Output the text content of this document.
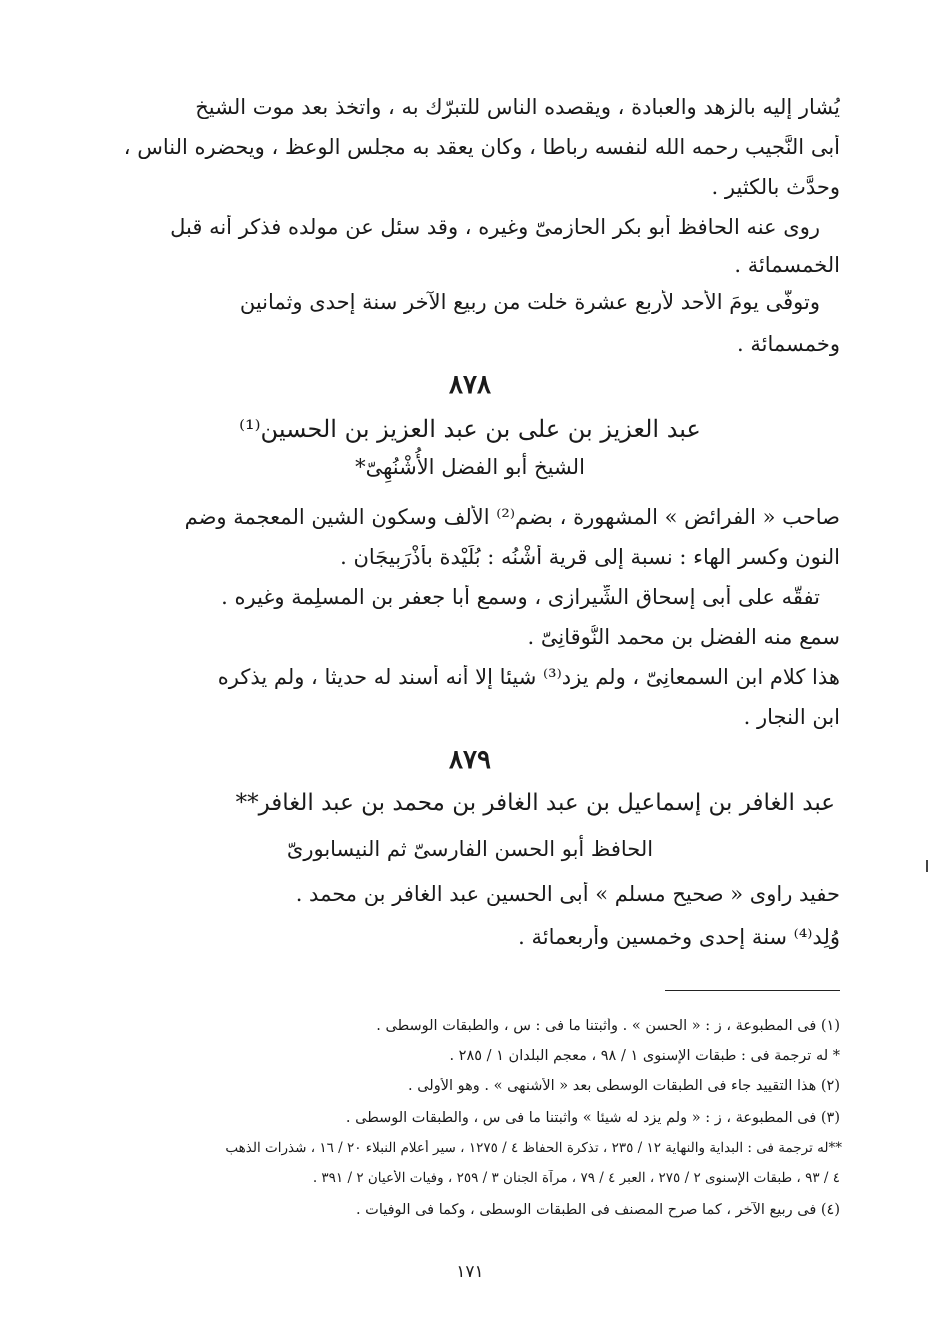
يُشار إليه بالزهد والعبادة ، ويقصده الناس للتبرّك به ، واتخذ بعد موت الشيخ
أبى النَّجيب رحمه الله لنفسه رِباطا ، وكان يعقد به مجلس الوعظ ، ويحضره الناس ،
وحدَّث بالكثير .
روى عنه الحافظ أبو بكر الحازمىّ وغيره ، وقد سئل عن مولده فذكر أنه قبل
الخمسمائة .
وتوفّى يومَ الأحد لأربع عشرة خلت من ربيع الآخر سنة إحدى وثمانين
وخمسمائة .
٨٧٨
عبد العزيز بن على بن عبد العزيز بن الحسين⁽¹⁾
الشيخ أبو الفضل الأُشْنُهِىّ*
صاحب « الفرائض » المشهورة ، بضم⁽²⁾ الألف وسكون الشين المعجمة وضم
النون وكسر الهاء : نسبة إلى قرية أُشْنُه : بُلَيْدة بأَذْرَبِيجَان .
تفقّه على أبى إسحاق الشِّيرازى ، وسمع أبا جعفر بن المسلِمة وغيره .
سمع منه الفضل بن محمد النُّوقانِىّ .
هذا كلام ابن السمعانِىّ ، ولم يزد⁽³⁾ شيئا إلا أنه أسند له حديثا ، ولم يذكره
ابن النجار .
٨٧٩
عبد الغافر بن إسماعيل بن عبد الغافر بن محمد بن عبد الغافر**
الحافظ أبو الحسن الفارسىّ ثم النيسابورىّ
حفيد راوى « صحيح مسلم » أبى الحسين عبد الغافر بن محمد .
وُلِد⁽⁴⁾ سنة إحدى وخمسين وأربعمائة .
(١) فى المطبوعة ، ز : « الحسن » . وأثبتنا ما فى : س ، والطبقات الوسطى .
* له ترجمة فى : طبقات الإسنوى ١ / ٩٨ ، معجم البلدان ١ / ٢٨٥ .
(٢) هذا التقييد جاء فى الطبقات الوسطى بعد « الأشنهى » . وهو الأولى .
(٣) فى المطبوعة ، ز : « ولم يزد له شيئا » وأثبتنا ما فى س ، والطبقات الوسطى .
**له ترجمة فى : البداية والنهاية ١٢ / ٢٣٥ ، تذكرة الحفاظ ٤ / ١٢٧٥ ، سير أعلام النبلاء ٢٠ / ١٦ ، شذرات الذهب
٤ / ٩٣ ، طبقات الإسنوى ٢ / ٢٧٥ ، العبر ٤ / ٧٩ ، مرآة الجنان ٣ / ٢٥٩ ، وفيات الأعيان ٢ / ٣٩١ .
(٤) فى ربيع الآخر ، كما صرح المصنف فى الطبقات الوسطى ، وكما فى الوفيات .
١٧١
